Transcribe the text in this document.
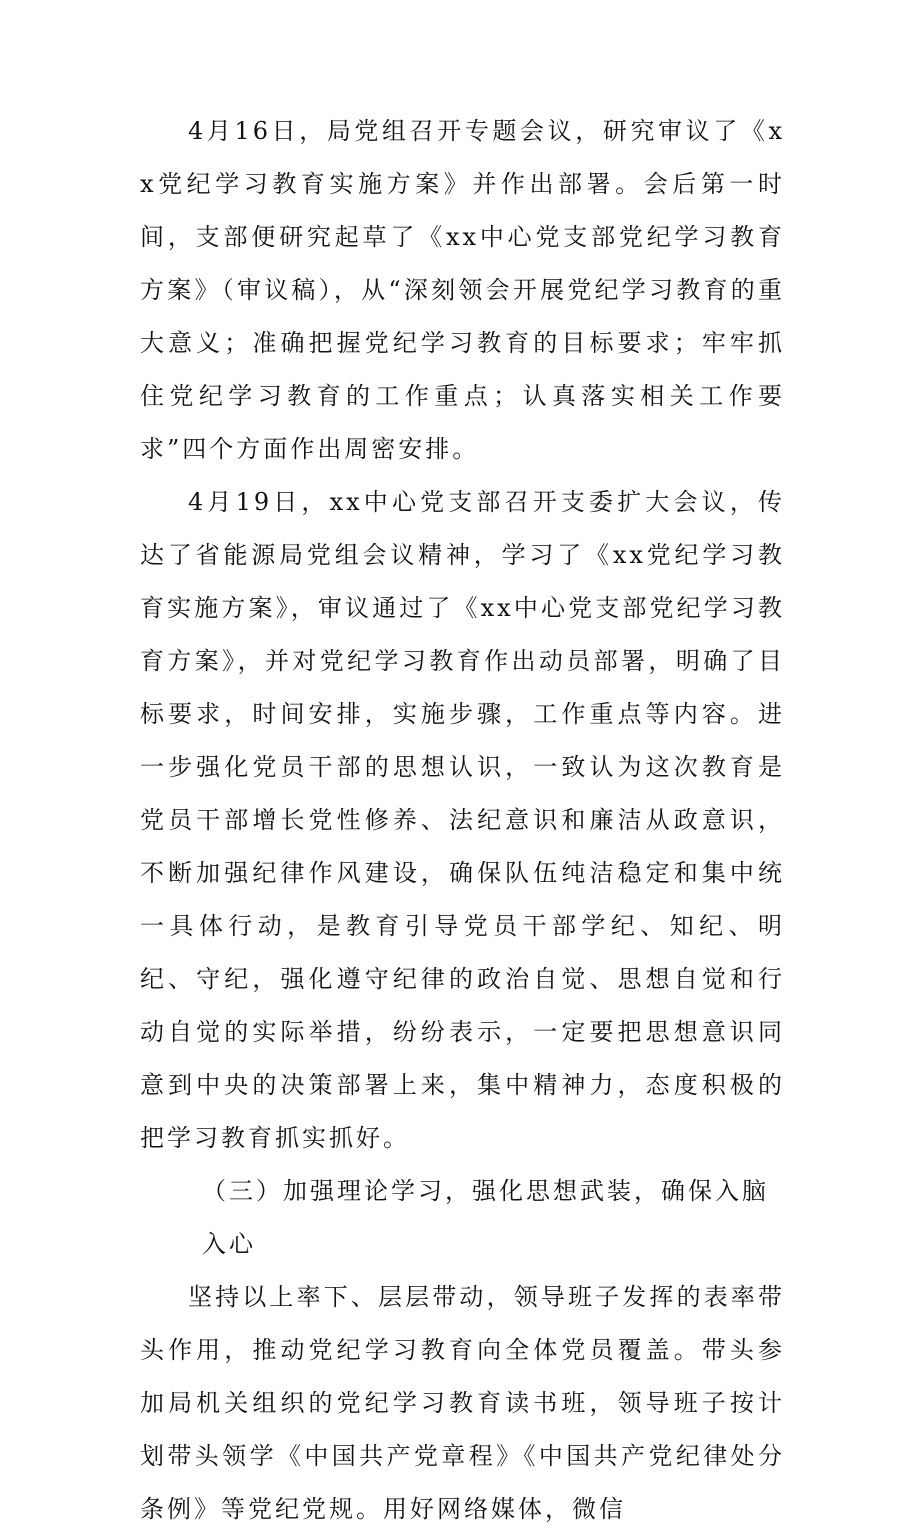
4月16日，局党组召开专题会议，研究审议了《xx党纪学习教育实施方案》并作出部署。会后第一时间，支部便研究起草了《xx中心党支部党纪学习教育方案》（审议稿），从“深刻领会开展党纪学习教育的重大意义；准确把握党纪学习教育的目标要求；牢牢抓住党纪学习教育的工作重点；认真落实相关工作要求”四个方面作出周密安排。

4月19日，xx中心党支部召开支委扩大会议，传达了省能源局党组会议精神，学习了《xx党纪学习教育实施方案》，审议通过了《xx中心党支部党纪学习教育方案》，并对党纪学习教育作出动员部署，明确了目标要求，时间安排，实施步骤，工作重点等内容。进一步强化党员干部的思想认识，一致认为这次教育是党员干部增长党性修养、法纪意识和廉洁从政意识，不断加强纪律作风建设，确保队伍纯洁稳定和集中统一具体行动，是教育引导党员干部学纪、知纪、明纪、守纪，强化遵守纪律的政治自觉、思想自觉和行动自觉的实际举措，纷纷表示，一定要把思想意识同意到中央的决策部署上来，集中精神力，态度积极的把学习教育抓实抓好。

（三）加强理论学习，强化思想武装，确保入脑入心

坚持以上率下、层层带动，领导班子发挥的表率带头作用，推动党纪学习教育向全体党员覆盖。带头参加局机关组织的党纪学习教育读书班，领导班子按计划带头领学《中国共产党章程》《中国共产党纪律处分条例》等党纪党规。用好网络媒体，微信
